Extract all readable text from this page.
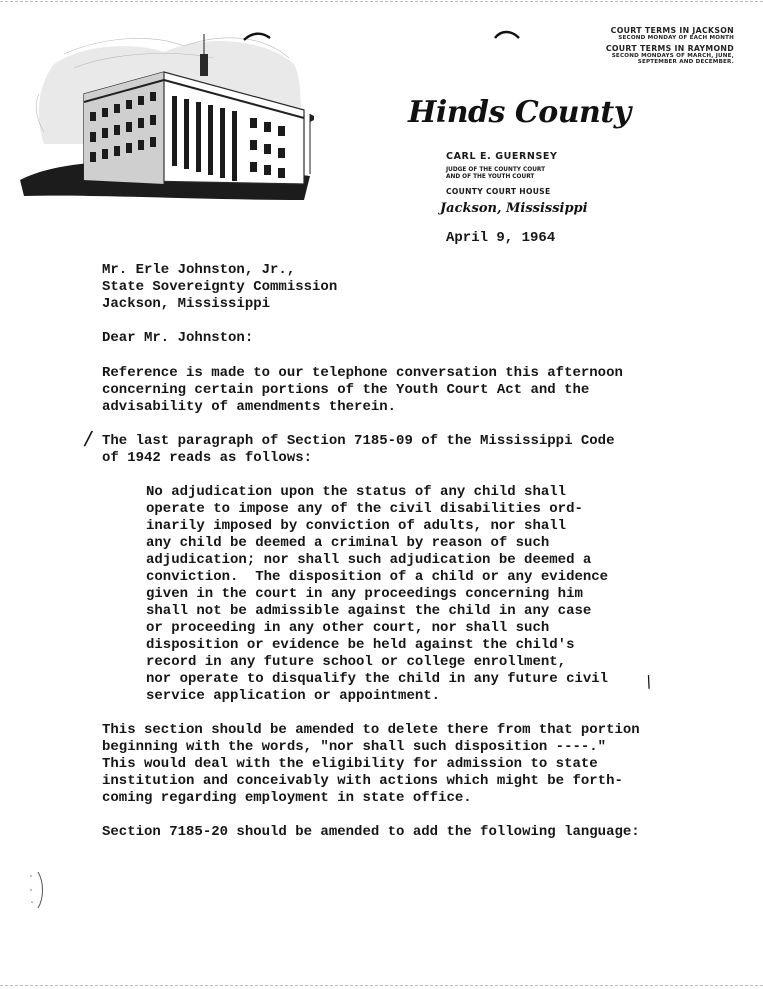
COURT TERMS IN JACKSON
SECOND MONDAY OF EACH MONTH
COURT TERMS IN RAYMOND
SECOND MONDAYS OF MARCH, JUNE,
SEPTEMBER AND DECEMBER.
Hinds County
CARL E. GUERNSEY
JUDGE OF THE COUNTY COURT
AND OF THE YOUTH COURT
COUNTY COURT HOUSE
Jackson, Mississippi
April 9, 1964
Mr. Erle Johnston, Jr.,
State Sovereignty Commission
Jackson, Mississippi
Dear Mr. Johnston:
Reference is made to our telephone conversation this afternoon
concerning certain portions of the Youth Court Act and the
advisability of amendments therein.
/ The last paragraph of Section 7185-09 of the Mississippi Code
of 1942 reads as follows:
No adjudication upon the status of any child shall
operate to impose any of the civil disabilities ord-
inarily imposed by conviction of adults, nor shall
any child be deemed a criminal by reason of such
adjudication; nor shall such adjudication be deemed a
conviction.  The disposition of a child or any evidence
given in the court in any proceedings concerning him
shall not be admissible against the child in any case
or proceeding in any other court, nor shall such
disposition or evidence be held against the child's
record in any future school or college enrollment,
nor operate to disqualify the child in any future civil /
service application or appointment.
This section should be amended to delete there from that portion
beginning with the words, "nor shall such disposition ----."
This would deal with the eligibility for admission to state
institution and conceivably with actions which might be forth-
coming regarding employment in state office.
Section 7185-20 should be amended to add the following language:
